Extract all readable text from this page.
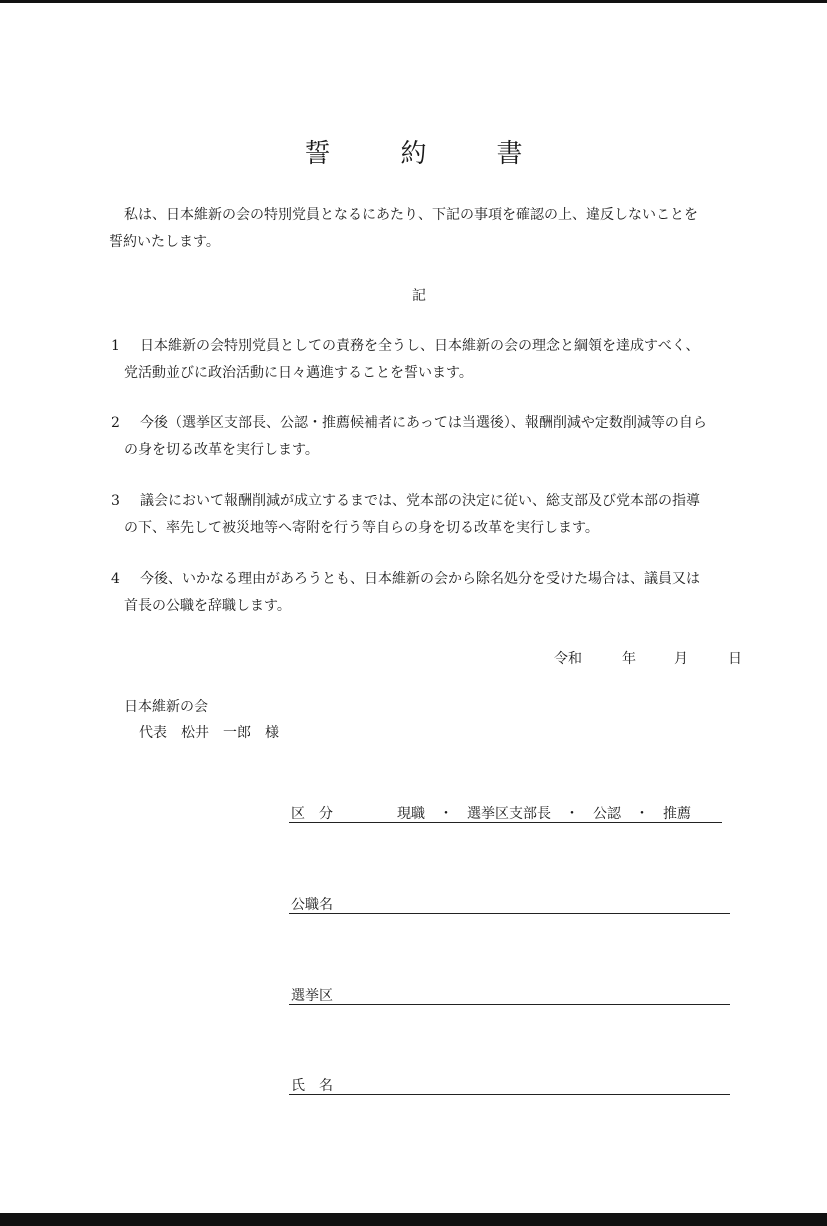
誓　約　書
私は、日本維新の会の特別党員となるにあたり、下記の事項を確認の上、違反しないことを
誓約いたします。
記
1 日本維新の会特別党員としての責務を全うし、日本維新の会の理念と綱領を達成すべく、
党活動並びに政治活動に日々邁進することを誓います。
2 今後（選挙区支部長、公認・推薦候補者にあっては当選後）、報酬削減や定数削減等の自ら
の身を切る改革を実行します。
3 議会において報酬削減が成立するまでは、党本部の決定に従い、総支部及び党本部の指導
の下、率先して被災地等へ寄附を行う等自らの身を切る改革を実行します。
4 今後、いかなる理由があろうとも、日本維新の会から除名処分を受けた場合は、議員又は
首長の公職を辞職します。
令和	年	月	日
日本維新の会
代表　松井　一郎　様
区　分	現職　・　選挙区支部長　・　公認　・　推薦
公職名
選挙区
氏　名
